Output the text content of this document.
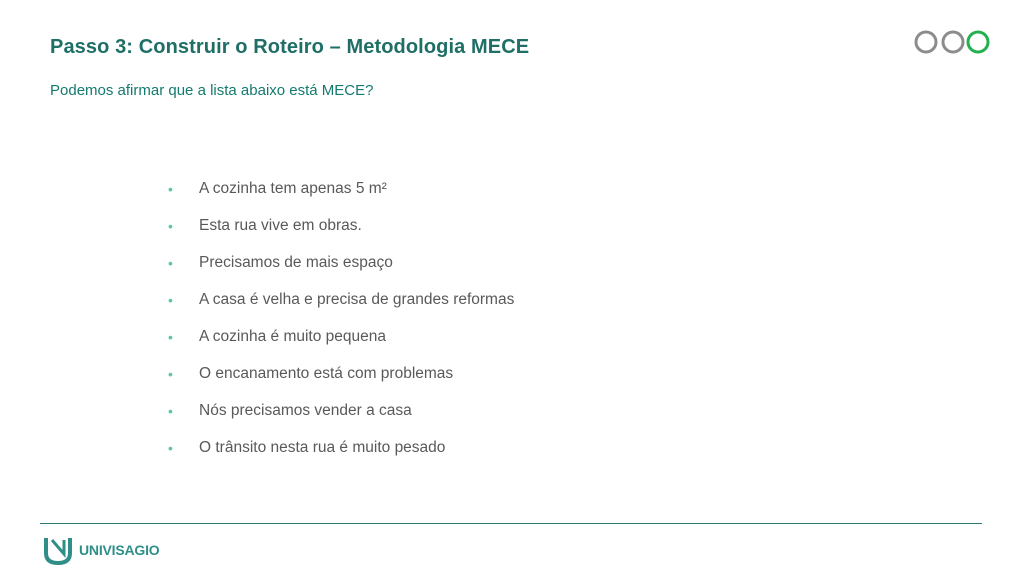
Passo 3: Construir o Roteiro – Metodologia MECE
Podemos afirmar que a lista abaixo está MECE?
• A cozinha tem apenas 5 m²
• Esta rua vive em obras.
• Precisamos de mais espaço
• A casa é velha e precisa de grandes reformas
• A cozinha é muito pequena
• O encanamento está com problemas
• Nós precisamos vender a casa
• O trânsito nesta rua é muito pesado
UNIVISAGIO
